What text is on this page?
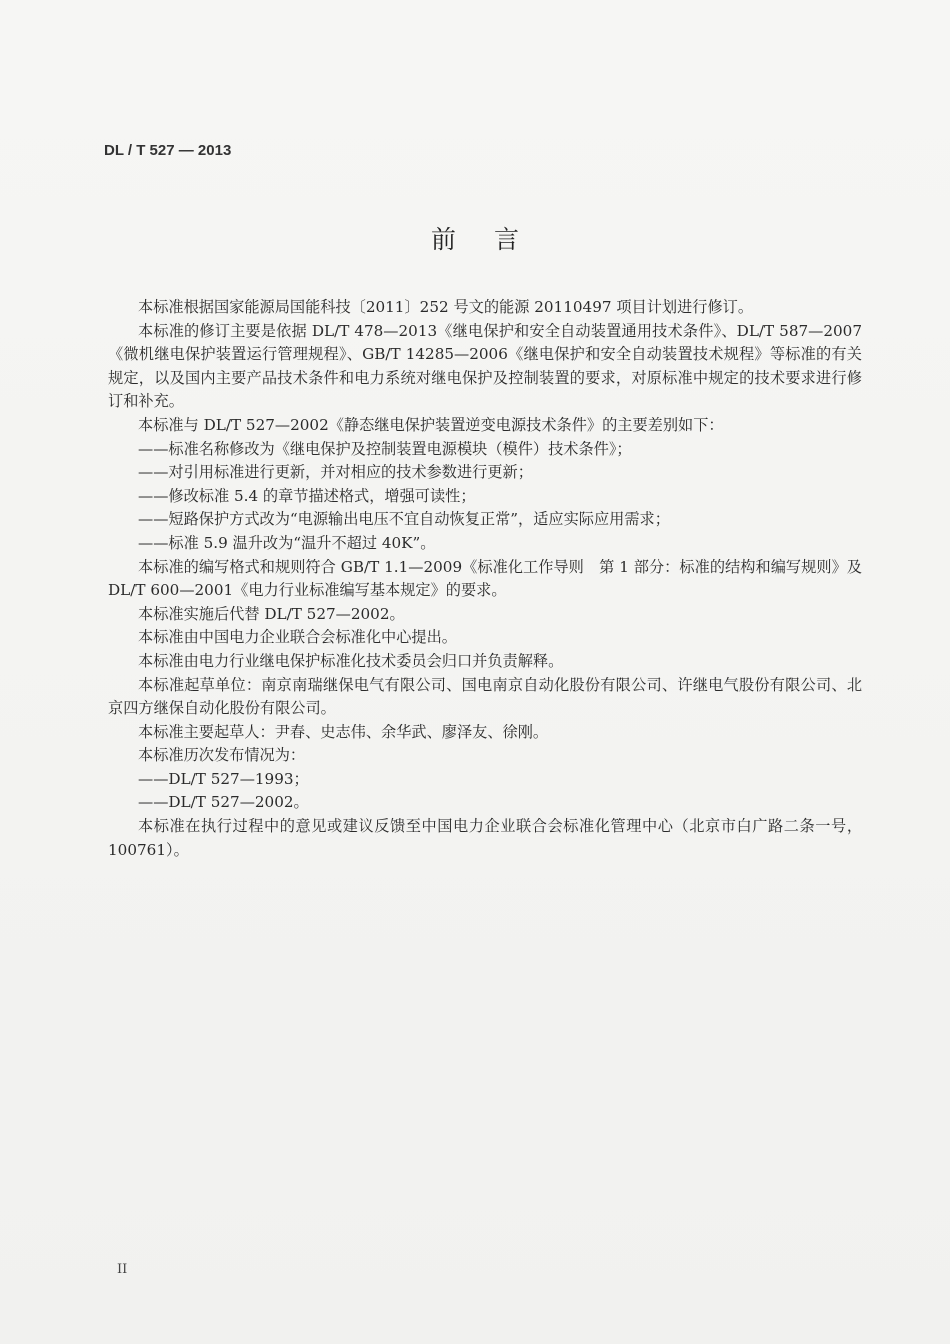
DL / T 527 — 2013
前言

本标准根据国家能源局国能科技〔2011〕252 号文的能源 20110497 项目计划进行修订。

本标准的修订主要是依据 DL/T 478—2013《继电保护和安全自动装置通用技术条件》、DL/T 587—2007《微机继电保护装置运行管理规程》、GB/T 14285—2006《继电保护和安全自动装置技术规程》等标准的有关规定，以及国内主要产品技术条件和电力系统对继电保护及控制装置的要求，对原标准中规定的技术要求进行修订和补充。

本标准与 DL/T 527—2002《静态继电保护装置逆变电源技术条件》的主要差别如下：

——标准名称修改为《继电保护及控制装置电源模块（模件）技术条件》；

——对引用标准进行更新，并对相应的技术参数进行更新；

——修改标准 5.4 的章节描述格式，增强可读性；

——短路保护方式改为“电源输出电压不宜自动恢复正常”，适应实际应用需求；

——标准 5.9 温升改为“温升不超过 40K”。

本标准的编写格式和规则符合 GB/T 1.1—2009《标准化工作导则　第 1 部分：标准的结构和编写规则》及 DL/T 600—2001《电力行业标准编写基本规定》的要求。

本标准实施后代替 DL/T 527—2002。

本标准由中国电力企业联合会标准化中心提出。

本标准由电力行业继电保护标准化技术委员会归口并负责解释。

本标准起草单位：南京南瑞继保电气有限公司、国电南京自动化股份有限公司、许继电气股份有限公司、北京四方继保自动化股份有限公司。

本标准主要起草人：尹春、史志伟、余华武、廖泽友、徐刚。

本标准历次发布情况为：

——DL/T 527—1993；

——DL/T 527—2002。

本标准在执行过程中的意见或建议反馈至中国电力企业联合会标准化管理中心（北京市白广路二条一号，100761）。

II
